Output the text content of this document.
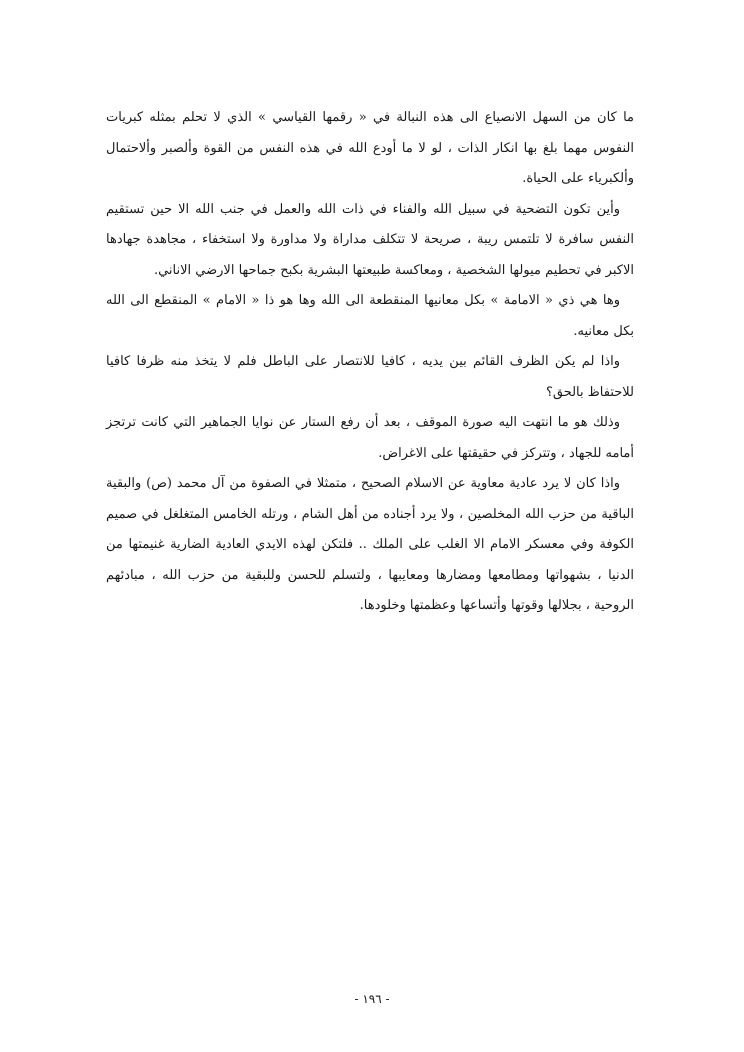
ما كان من السهل الانصياع الى هذه النبالة في « رقمها القياسي » الذي لا تحلم بمثله كبريات النفوس مهما بلغ بها انكار الذات ، لو لا ما أودع الله في هذه النفس من القوة وألصبر وألاحتمال وألكبرياء على الحياة.

وأين تكون التضحية في سبيل الله والفناء في ذات الله والعمل في جنب الله الا حين تستقيم النفس سافرة لا تلتمس ريبة ، صريحة لا تتكلف مداراة ولا مداورة ولا استخفاء ، مجاهدة جهادها الاكبر في تحطيم ميولها الشخصية ، ومعاكسة طبيعتها البشرية بكبح جماحها الارضي الاناني.

وها هي ذي « الامامة » بكل معانيها المنقطعة الى الله وها هو ذا « الامام » المنقطع الى الله بكل معانيه.

واذا لم يكن الظرف القائم بين يديه ، كافيا للانتصار على الباطل فلم لا يتخذ منه ظرفا كافيا للاحتفاظ بالحق؟

وذلك هو ما انتهت اليه صورة الموقف ، بعد أن رفع الستار عن نوايا الجماهير التي كانت ترتجز أمامه للجهاد ، وتتركز في حقيقتها على الاغراض.

واذا كان لا يرد عادية معاوية عن الاسلام الصحيح ، متمثلا في الصفوة من آل محمد (ص) والبقية الباقية من حزب الله المخلصين ، ولا يرد أجناده من أهل الشام ، ورتله الخامس المتغلغل في صميم الكوفة وفي معسكر الامام الا الغلب على الملك .. فلتكن لهذه الايدي العادية الضارية غنيمتها من الدنيا ، بشهواتها ومطامعها ومضارها ومعايبها ، ولتسلم للحسن وللبقية من حزب الله ، مبادئهم الروحية ، بجلالها وقوتها وأتساعها وعظمتها وخلودها.

- ١٩٦ -
